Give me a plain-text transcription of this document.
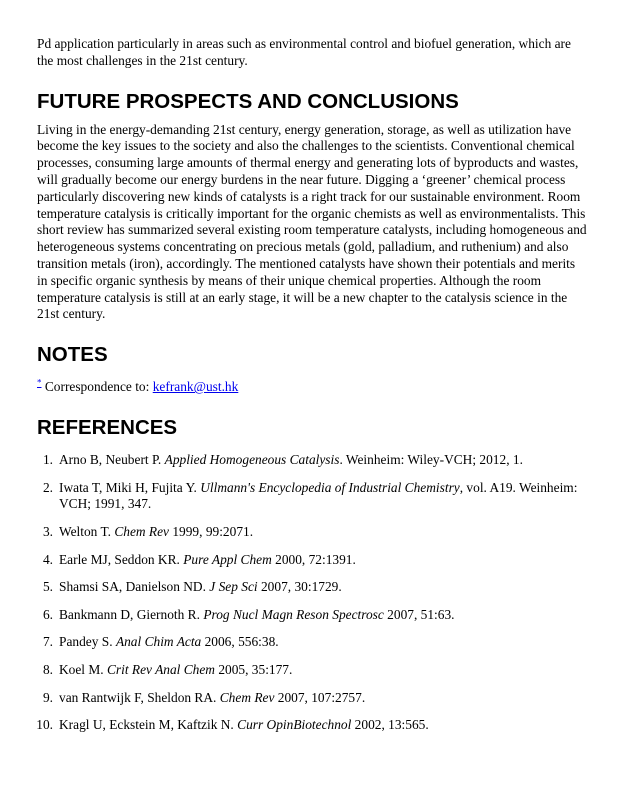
Pd application particularly in areas such as environmental control and biofuel generation, which are the most challenges in the 21st century.

FUTURE PROSPECTS AND CONCLUSIONS

Living in the energy-demanding 21st century, energy generation, storage, as well as utilization have become the key issues to the society and also the challenges to the scientists. Conventional chemical processes, consuming large amounts of thermal energy and generating lots of byproducts and wastes, will gradually become our energy burdens in the near future. Digging a ‘greener’ chemical process particularly discovering new kinds of catalysts is a right track for our sustainable environment. Room temperature catalysis is critically important for the organic chemists as well as environmentalists. This short review has summarized several existing room temperature catalysts, including homogeneous and heterogeneous systems concentrating on precious metals (gold, palladium, and ruthenium) and also transition metals (iron), accordingly. The mentioned catalysts have shown their potentials and merits in specific organic synthesis by means of their unique chemical properties. Although the room temperature catalysis is still at an early stage, it will be a new chapter to the catalysis science in the 21st century.

NOTES
* Correspondence to: kefrank@ust.hk
REFERENCES
1. Arno B, Neubert P. Applied Homogeneous Catalysis. Weinheim: Wiley-VCH; 2012, 1.
2. Iwata T, Miki H, Fujita Y. Ullmann's Encyclopedia of Industrial Chemistry, vol. A19. Weinheim: VCH; 1991, 347.
3. Welton T. Chem Rev 1999, 99:2071.
4. Earle MJ, Seddon KR. Pure Appl Chem 2000, 72:1391.
5. Shamsi SA, Danielson ND. J Sep Sci 2007, 30:1729.
6. Bankmann D, Giernoth R. Prog Nucl Magn Reson Spectrosc 2007, 51:63.
7. Pandey S. Anal Chim Acta 2006, 556:38.
8. Koel M. Crit Rev Anal Chem 2005, 35:177.
9. van Rantwijk F, Sheldon RA. Chem Rev 2007, 107:2757.
10. Kragl U, Eckstein M, Kaftzik N. Curr OpinBiotechnol 2002, 13:565.
